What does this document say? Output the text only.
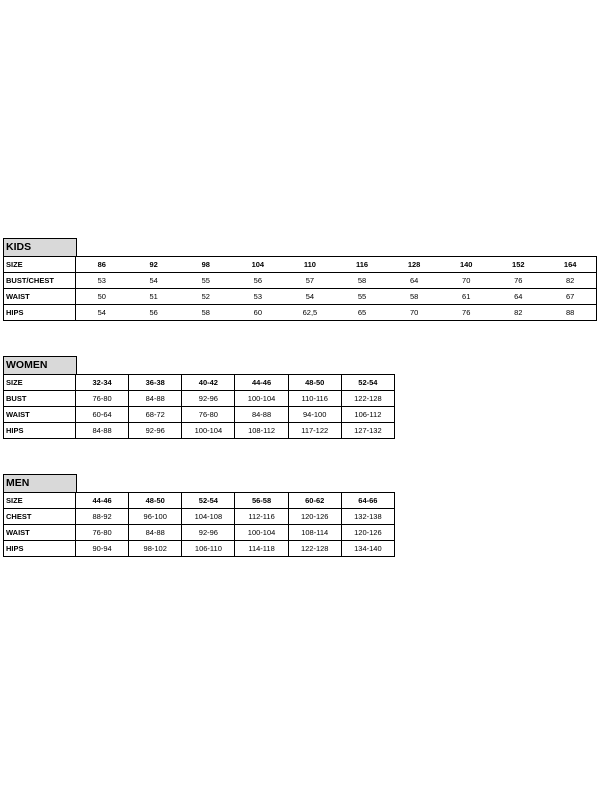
KIDS
SIZE	86	92	98	104	110	116	128	140	152	164
BUST/CHEST	53	54	55	56	57	58	64	70	76	82
WAIST	50	51	52	53	54	55	58	61	64	67
HIPS	54	56	58	60	62,5	65	70	76	82	88
WOMEN
SIZE	32-34	36-38	40-42	44-46	48-50	52-54
BUST	76-80	84-88	92-96	100-104	110-116	122-128
WAIST	60-64	68-72	76-80	84-88	94-100	106-112
HIPS	84-88	92-96	100-104	108-112	117-122	127-132
MEN
SIZE	44-46	48-50	52-54	56-58	60-62	64-66
CHEST	88-92	96-100	104-108	112-116	120-126	132-138
WAIST	76-80	84-88	92-96	100-104	108-114	120-126
HIPS	90-94	98-102	106-110	114-118	122-128	134-140
